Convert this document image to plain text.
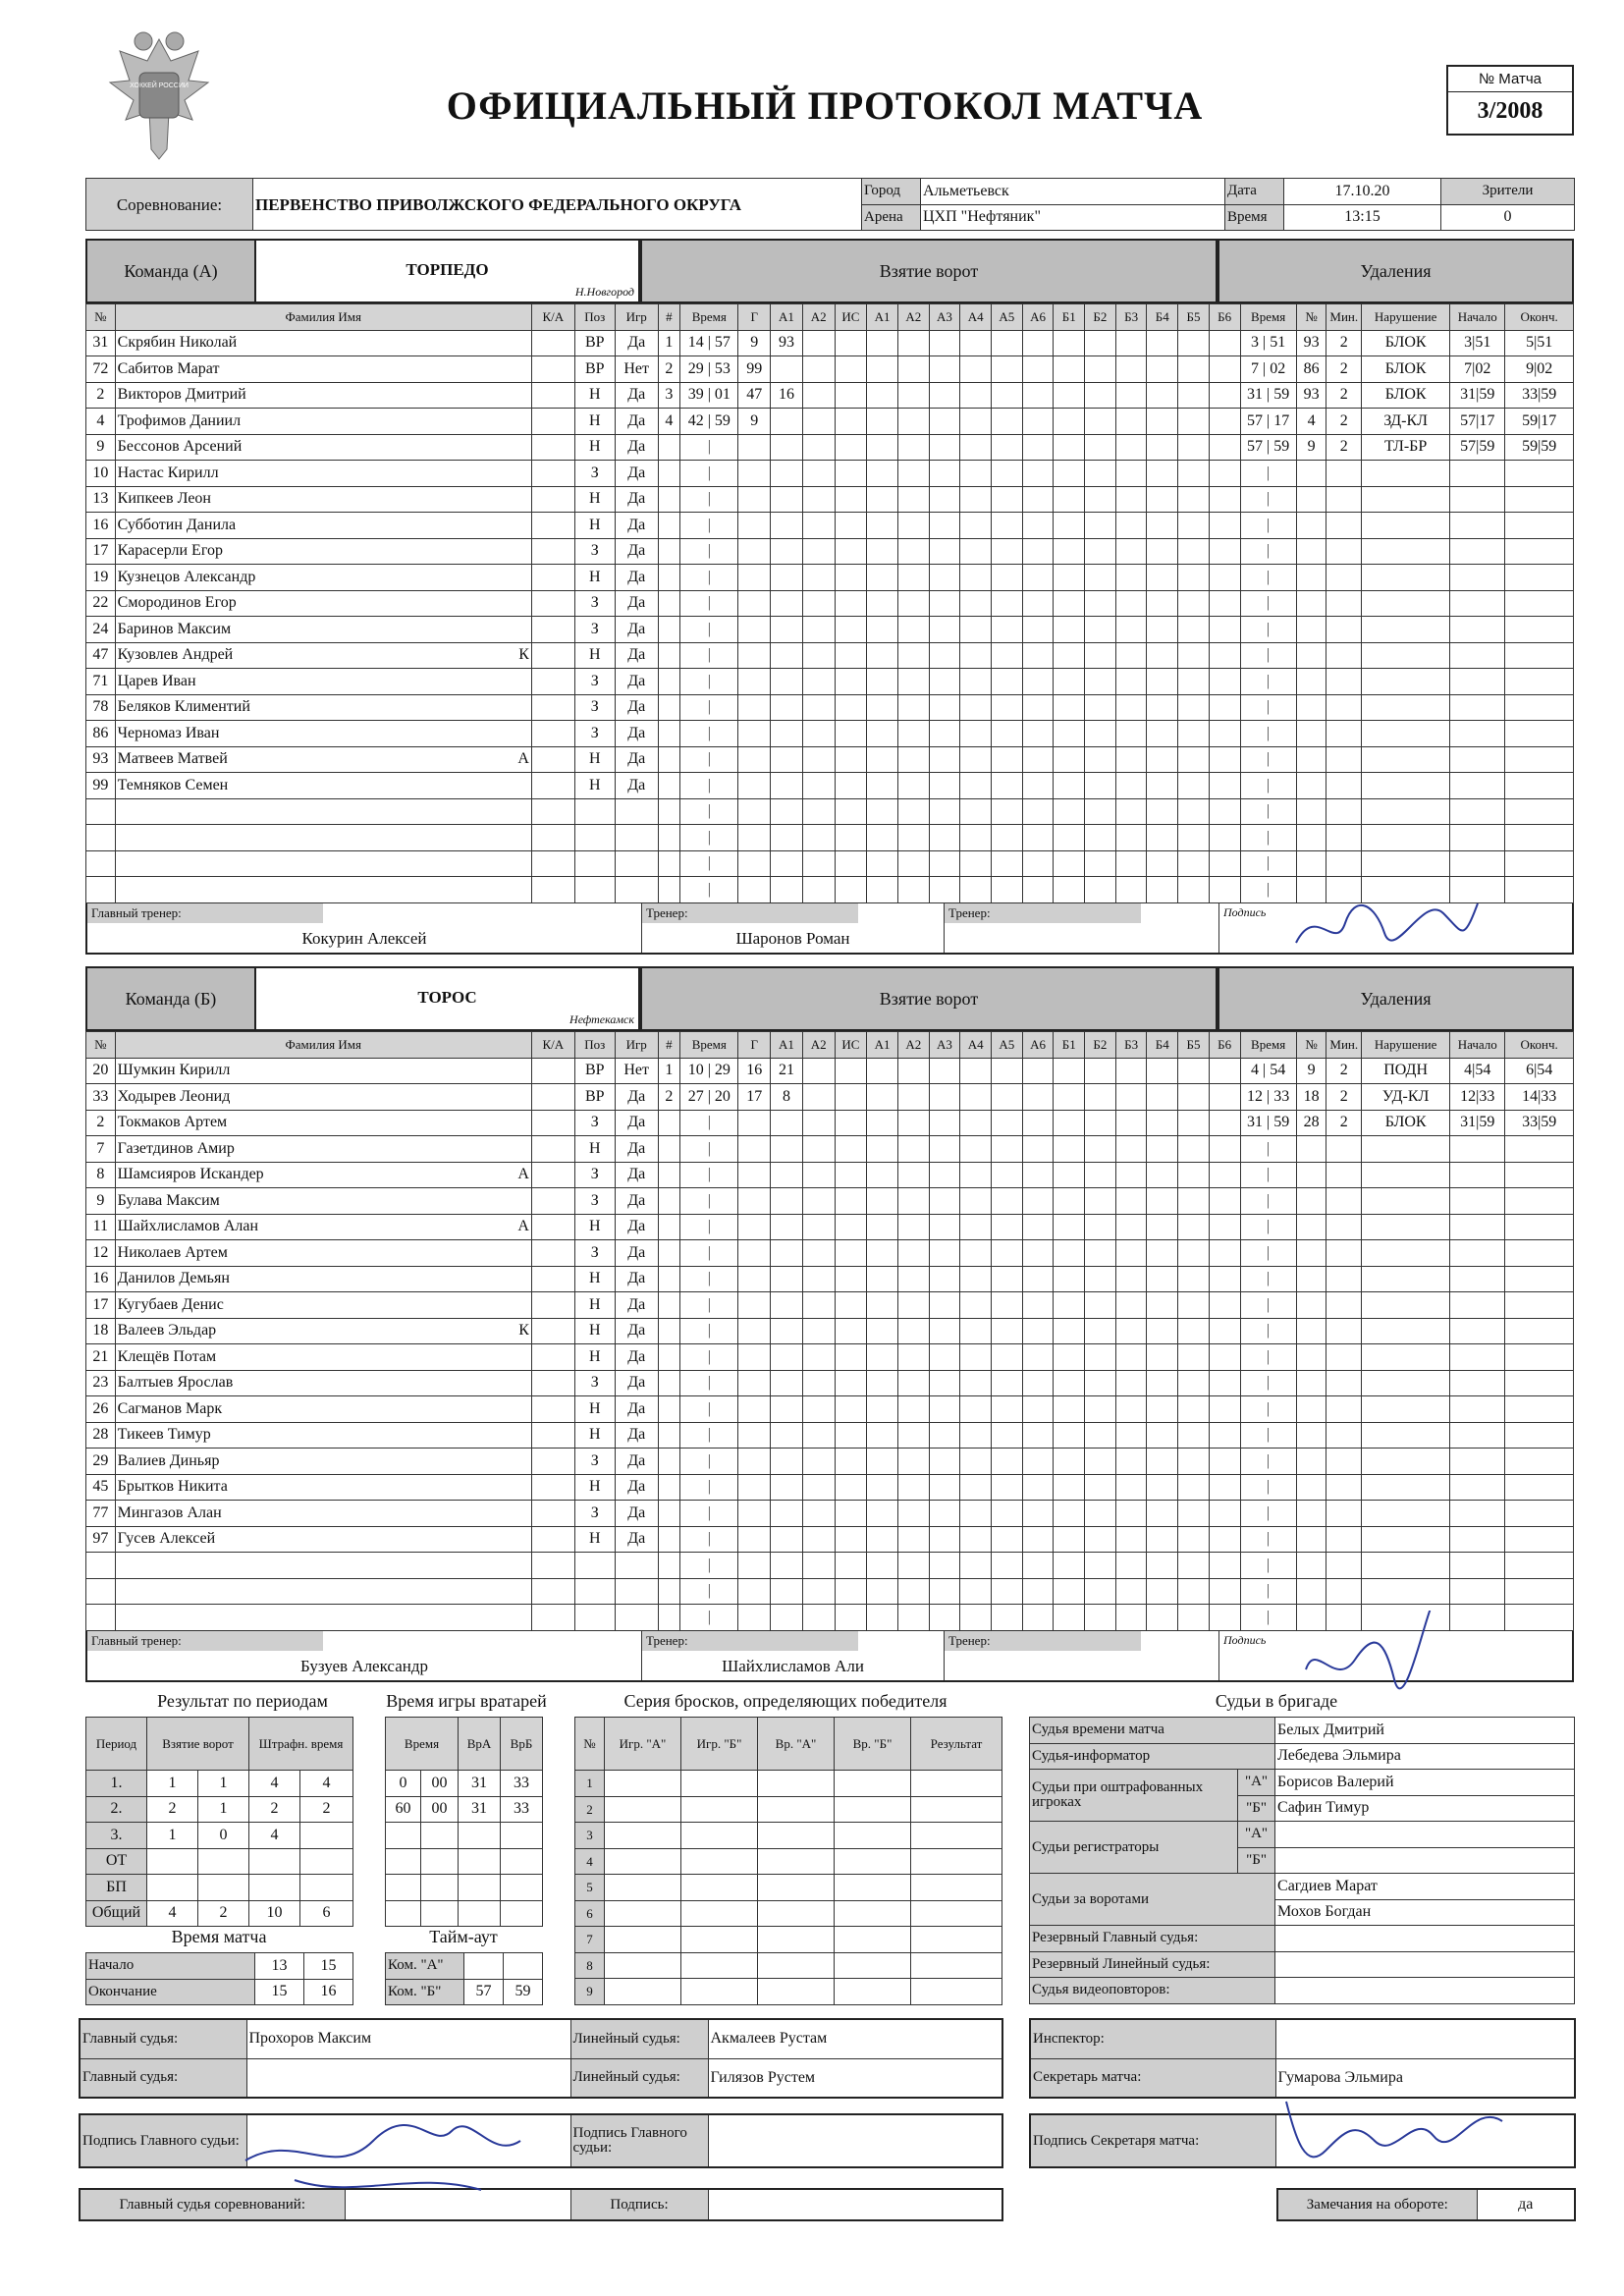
ХОККЕЙ РОССИИ	ОФИЦИАЛЬНЫЙ ПРОТОКОЛ МАТЧА
№ Матча
3/2008
Соревнование:	ПЕРВЕНСТВО ПРИВОЛЖСКОГО ФЕДЕРАЛЬНОГО ОКРУГА	Город	Альметьевск	Дата	17.10.20	Зрители
		Арена	ЦХП "Нефтяник"	Время	13:15	0
Команда (А)	ТОРПЕДО
Н.Новгород
Взятие ворот	Удаления
№	Фамилия Имя	К/А	Поз	Игр	#	Время	Г	А1	А2	ИС	А1	А2	А3	А4	А5	А6	Б1	Б2	Б3	Б4	Б5	Б6	Время	№	Мин.	Нарушение	Начало	Оконч.
31	Скрябин Николай		ВР	Да	1	14 | 57	9	93															3 | 51	93	2	БЛОК	3|51	5|51
72	Сабитов Марат		ВР	Нет	2	29 | 53	99																7 | 02	86	2	БЛОК	7|02	9|02
2	Викторов Дмитрий		Н	Да	3	39 | 01	47	16															31 | 59	93	2	БЛОК	31|59	33|59
4	Трофимов Даниил		Н	Да	4	42 | 59	9																57 | 17	4	2	ЗД-КЛ	57|17	59|17
9	Бессонов Арсений		Н	Да		|																	57 | 59	9	2	ТЛ-БР	57|59	59|59
10	Настас Кирилл		З	Да		|																	|					
13	Кипкеев Леон		Н	Да		|																	|					
16	Субботин Данила		Н	Да		|																	|					
17	Карасерли Егор		З	Да		|																	|					
19	Кузнецов Александр		Н	Да		|																	|					
22	Смородинов Егор		З	Да		|																	|					
24	Баринов Максим		З	Да		|																	|					
47	Кузовлев Андрей К		Н	Да		|																	|					
71	Царев Иван		З	Да		|																	|					
78	Беляков Климентий		З	Да		|																	|					
86	Черномаз Иван		З	Да		|																	|					
93	Матвеев Матвей А		Н	Да		|																	|					
99	Темняков Семен		Н	Да		|																	|					

					|																	|					

					|																	|					

					|																	|					

					|																	|					
Главный тренер:
Кокурин Алексей
Тренер:
Шаронов Роман
Тренер:	Подпись
Команда (Б)	ТОРОС
Нефтекамск
Взятие ворот	Удаления
№	Фамилия Имя	К/А	Поз	Игр	#	Время	Г	А1	А2	ИС	А1	А2	А3	А4	А5	А6	Б1	Б2	Б3	Б4	Б5	Б6	Время	№	Мин.	Нарушение	Начало	Оконч.
20	Шумкин Кирилл		ВР	Нет	1	10 | 29	16	21															4 | 54	9	2	ПОДН	4|54	6|54
33	Ходырев Леонид		ВР	Да	2	27 | 20	17	8															12 | 33	18	2	УД-КЛ	12|33	14|33
2	Токмаков Артем		З	Да		|																	31 | 59	28	2	БЛОК	31|59	33|59
7	Газетдинов Амир		Н	Да		|																	|					
8	Шамсияров Искандер А		З	Да		|																	|					
9	Булава Максим		З	Да		|																	|					
11	Шайхлисламов Алан А		Н	Да		|																	|					
12	Николаев Артем		З	Да		|																	|					
16	Данилов Демьян		Н	Да		|																	|					
17	Кугубаев Денис		Н	Да		|																	|					
18	Валеев Эльдар К		Н	Да		|																	|					
21	Клещёв Потам		Н	Да		|																	|					
23	Балтыев Ярослав		З	Да		|																	|					
26	Сагманов Марк		Н	Да		|																	|					
28	Тикеев Тимур		Н	Да		|																	|					
29	Валиев Диньяр		З	Да		|																	|					
45	Брытков Никита		Н	Да		|																	|					
77	Мингазов Алан		З	Да		|																	|					
97	Гусев Алексей		Н	Да		|																	|					

					|																	|					

					|																	|					

					|																	|					
Главный тренер:
Бузуев Александр
Тренер:
Шайхлисламов Али
Тренер:	Подпись
Результат по периодам
Период	Взятие ворот		Штрафн. время	
1.	1	1	4	4
2.	2	1	2	2
3.	1	0	4	
ОТ				
БП				
Общий	4	2	10	6
Время игры вратарей
Время		ВрА	ВрБ
0	00	31	33
60	00	31	33

Время матча
Начало	13	15
Окончание	15	16
Тайм-аут
Ком. "А"		
Ком. "Б"	57	59
Серия бросков, определяющих победителя
№	Игр. "А"	Игр. "Б"	Вр. "А"	Вр. "Б"	Результат
1					
2					
3					
4					
5					
6					
7					
8					
9					
Судьи в бригаде
Судья времени матча		Белых Дмитрий
Судья-информатор		Лебедева Эльмира
Судьи при оштрафованных игроках	"А"	Борисов Валерий
	"Б"	Сафин Тимур
Судьи регистраторы	"А"	
	"Б"	
Судьи за воротами		Сагдиев Марат
		Мохов Богдан
Резервный Главный судья:		
Резервный Линейный судья:		
Судья видеоповторов:		
Главный судья:	Прохоров Максим	Линейный судья:	Акмалеев Рустам
Главный судья:		Линейный судья:	Гилязов Рустем
Инспектор:	
Секретарь матча:	Гумарова Эльмира
Подпись Главного судьи:		Подпись Главного судьи:		Подпись Секретаря матча:	
Главный судья соревнований:		Подпись:		Замечания на обороте:	да
